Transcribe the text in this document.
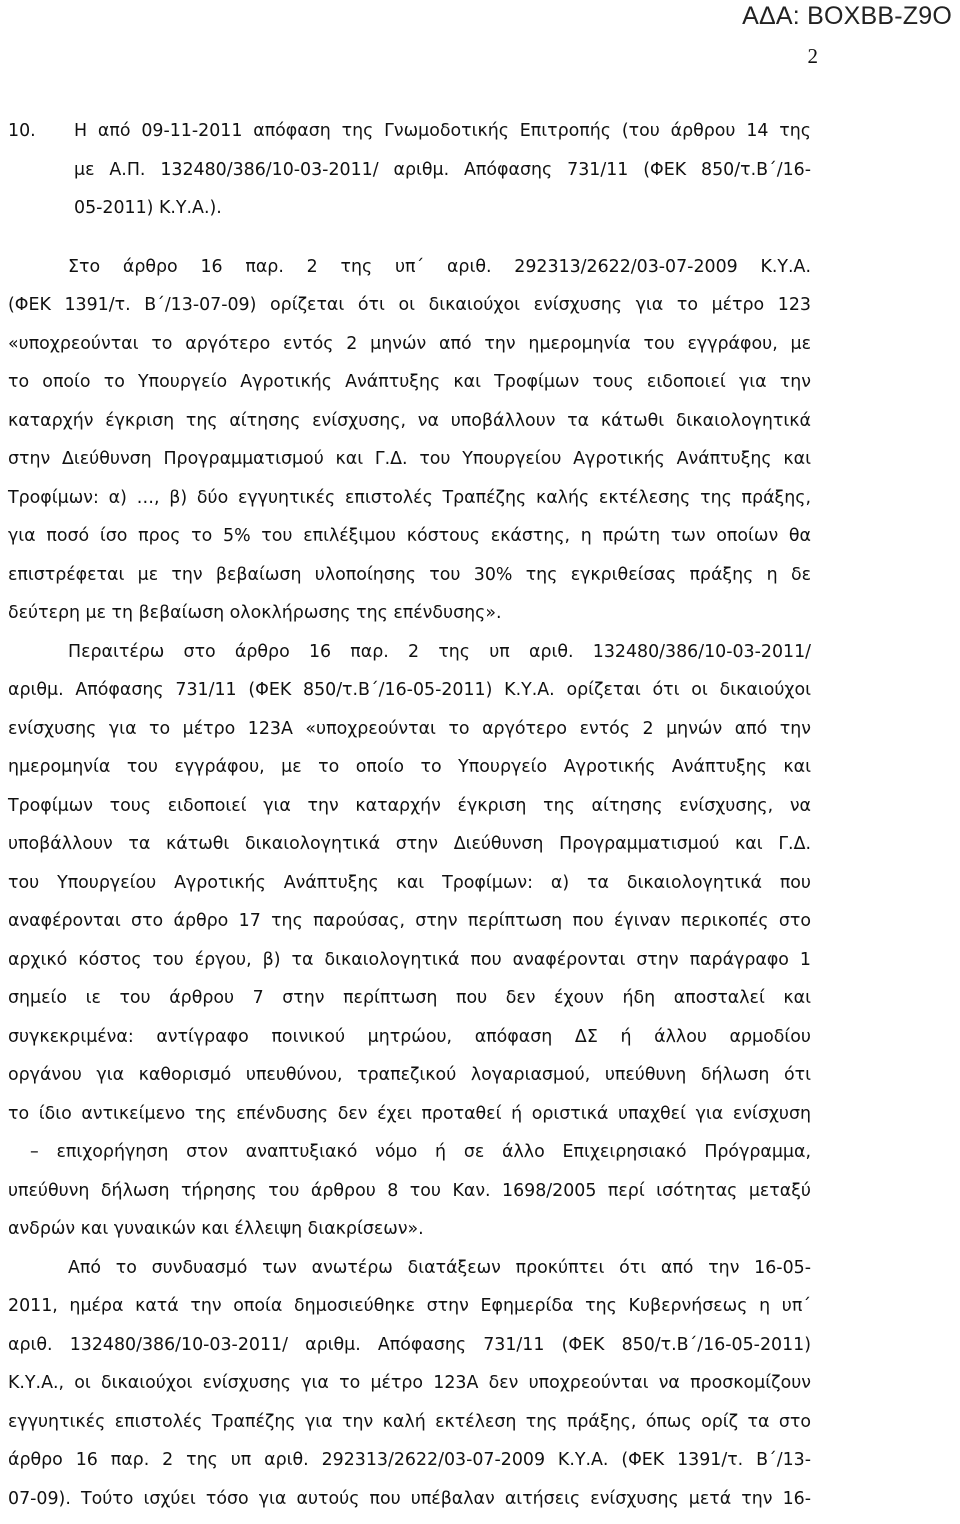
ΑΔΑ: ΒΟΧΒΒ-Ζ9Ο
2
10. Η από 09-11-2011 απόφαση της Γνωμοδοτικής Επιτροπής (του άρθρου 14 της
με Α.Π. 132480/386/10-03-2011/ αριθμ. Απόφασης 731/11 (ΦΕΚ 850/τ.Β΄/16-
05-2011) Κ.Υ.Α.).
Στο άρθρο 16 παρ. 2 της υπ΄ αριθ. 292313/2622/03-07-2009 Κ.Υ.Α.
(ΦΕΚ 1391/τ. Β΄/13-07-09) ορίζεται ότι οι δικαιούχοι ενίσχυσης για το μέτρο 123
«υποχρεούνται το αργότερο εντός 2 μηνών από την ημερομηνία του εγγράφου, με
το οποίο το Υπουργείο Αγροτικής Ανάπτυξης και Τροφίμων τους ειδοποιεί για την
καταρχήν έγκριση της αίτησης ενίσχυσης, να υποβάλλουν τα κάτωθι δικαιολογητικά
στην Διεύθυνση Προγραμματισμού και Γ.Δ. του Υπουργείου Αγροτικής Ανάπτυξης και
Τροφίμων: α) …, β) δύο εγγυητικές επιστολές Τραπέζης καλής εκτέλεσης της πράξης,
για ποσό ίσο προς το 5% του επιλέξιμου κόστους εκάστης, η πρώτη των οποίων θα
επιστρέφεται με την βεβαίωση υλοποίησης του 30% της εγκριθείσας πράξης η δε
δεύτερη με τη βεβαίωση ολοκλήρωσης της επένδυσης».
Περαιτέρω στο άρθρο 16 παρ. 2 της υπ αριθ. 132480/386/10-03-2011/
αριθμ. Απόφασης 731/11 (ΦΕΚ 850/τ.Β΄/16-05-2011) Κ.Υ.Α. ορίζεται ότι οι δικαιούχοι
ενίσχυσης για το μέτρο 123Α «υποχρεούνται το αργότερο εντός 2 μηνών από την
ημερομηνία του εγγράφου, με το οποίο το Υπουργείο Αγροτικής Ανάπτυξης και
Τροφίμων τους ειδοποιεί για την καταρχήν έγκριση της αίτησης ενίσχυσης, να
υποβάλλουν τα κάτωθι δικαιολογητικά στην Διεύθυνση Προγραμματισμού και Γ.Δ.
του Υπουργείου Αγροτικής Ανάπτυξης και Τροφίμων: α) τα δικαιολογητικά που
αναφέρονται στο άρθρο 17 της παρούσας, στην περίπτωση που έγιναν περικοπές στο
αρχικό κόστος του έργου, β) τα δικαιολογητικά που αναφέρονται στην παράγραφο 1
σημείο ιε του άρθρου 7 στην περίπτωση που δεν έχουν ήδη αποσταλεί και
συγκεκριμένα: αντίγραφο ποινικού μητρώου, απόφαση ΔΣ ή άλλου αρμοδίου
οργάνου για καθορισμό υπευθύνου, τραπεζικού λογαριασμού, υπεύθυνη δήλωση ότι
το ίδιο αντικείμενο της επένδυσης δεν έχει προταθεί ή οριστικά υπαχθεί για ενίσχυση
– επιχορήγηση στον αναπτυξιακό νόμο ή σε άλλο Επιχειρησιακό Πρόγραμμα,
υπεύθυνη δήλωση τήρησης του άρθρου 8 του Καν. 1698/2005 περί ισότητας μεταξύ
ανδρών και γυναικών και έλλειψη διακρίσεων».
Από το συνδυασμό των ανωτέρω διατάξεων προκύπτει ότι από την 16-05-
2011, ημέρα κατά την οποία δημοσιεύθηκε στην Εφημερίδα της Κυβερνήσεως η υπ΄
αριθ. 132480/386/10-03-2011/ αριθμ. Απόφασης 731/11 (ΦΕΚ 850/τ.Β΄/16-05-2011)
Κ.Υ.Α., οι δικαιούχοι ενίσχυσης για το μέτρο 123Α δεν υποχρεούνται να προσκομίζουν
εγγυητικές επιστολές Τραπέζης για την καλή εκτέλεση της πράξης, όπως ορίζ τα στο
άρθρο 16 παρ. 2 της υπ αριθ. 292313/2622/03-07-2009 Κ.Υ.Α. (ΦΕΚ 1391/τ. Β΄/13-
07-09). Τούτο ισχύει τόσο για αυτούς που υπέβαλαν αιτήσεις ενίσχυσης μετά την 16-
